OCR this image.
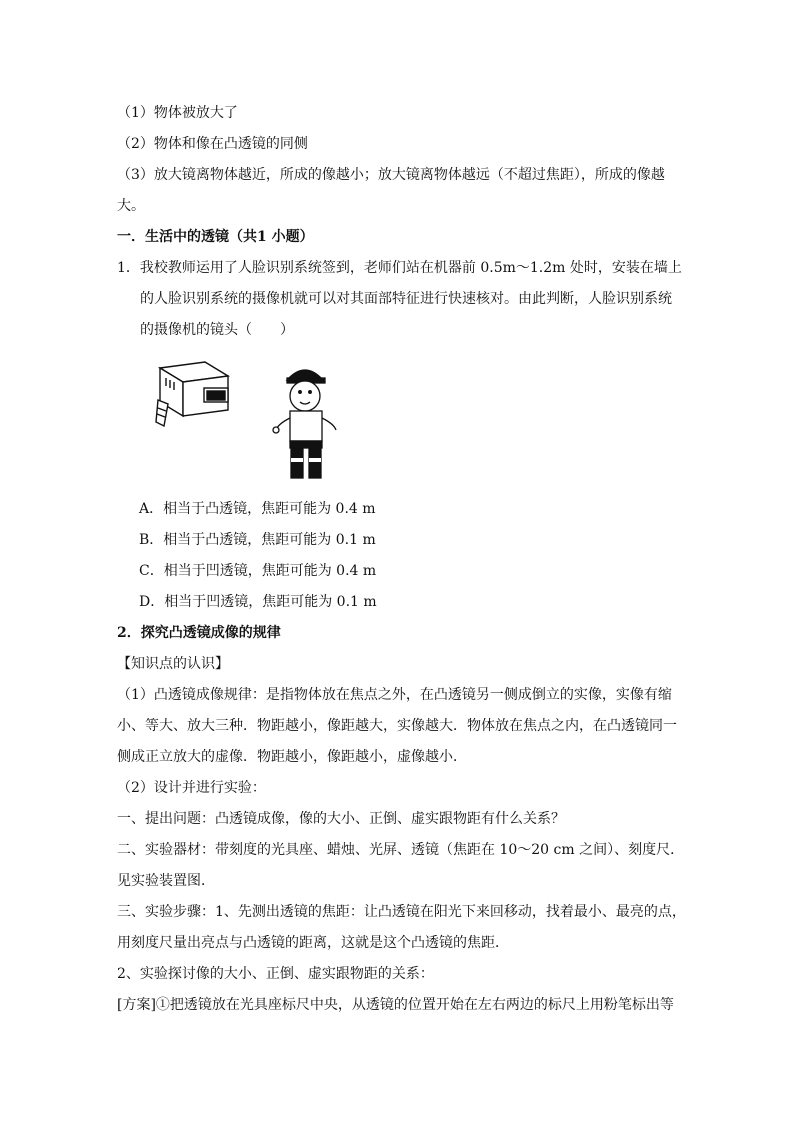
（1）物体被放大了
（2）物体和像在凸透镜的同侧
（3）放大镜离物体越近，所成的像越小；放大镜离物体越远（不超过焦距），所成的像越
大。
一．生活中的透镜（共1 小题）
1．我校教师运用了人脸识别系统签到，老师们站在机器前 0.5m～1.2m 处时，安装在墙上
的人脸识别系统的摄像机就可以对其面部特征进行快速核对。由此判断，人脸识别系统
的摄像机的镜头（　　）
A．相当于凸透镜，焦距可能为 0.4 m
B．相当于凸透镜，焦距可能为 0.1 m
C．相当于凹透镜，焦距可能为 0.4 m
D．相当于凹透镜，焦距可能为 0.1 m
2．探究凸透镜成像的规律
【知识点的认识】
（1）凸透镜成像规律：是指物体放在焦点之外，在凸透镜另一侧成倒立的实像，实像有缩
小、等大、放大三种．物距越小，像距越大，实像越大．物体放在焦点之内，在凸透镜同一
侧成正立放大的虚像．物距越小，像距越小，虚像越小．
（2）设计并进行实验：
一、提出问题：凸透镜成像，像的大小、正倒、虚实跟物距有什么关系？
二、实验器材：带刻度的光具座、蜡烛、光屏、透镜（焦距在 10～20 cm 之间）、刻度尺．
见实验装置图．
三、实验步骤：1、先测出透镜的焦距：让凸透镜在阳光下来回移动，找着最小、最亮的点，
用刻度尺量出亮点与凸透镜的距离，这就是这个凸透镜的焦距．
2、实验探讨像的大小、正倒、虚实跟物距的关系：
[方案]①把透镜放在光具座标尺中央，从透镜的位置开始在左右两边的标尺上用粉笔标出等
